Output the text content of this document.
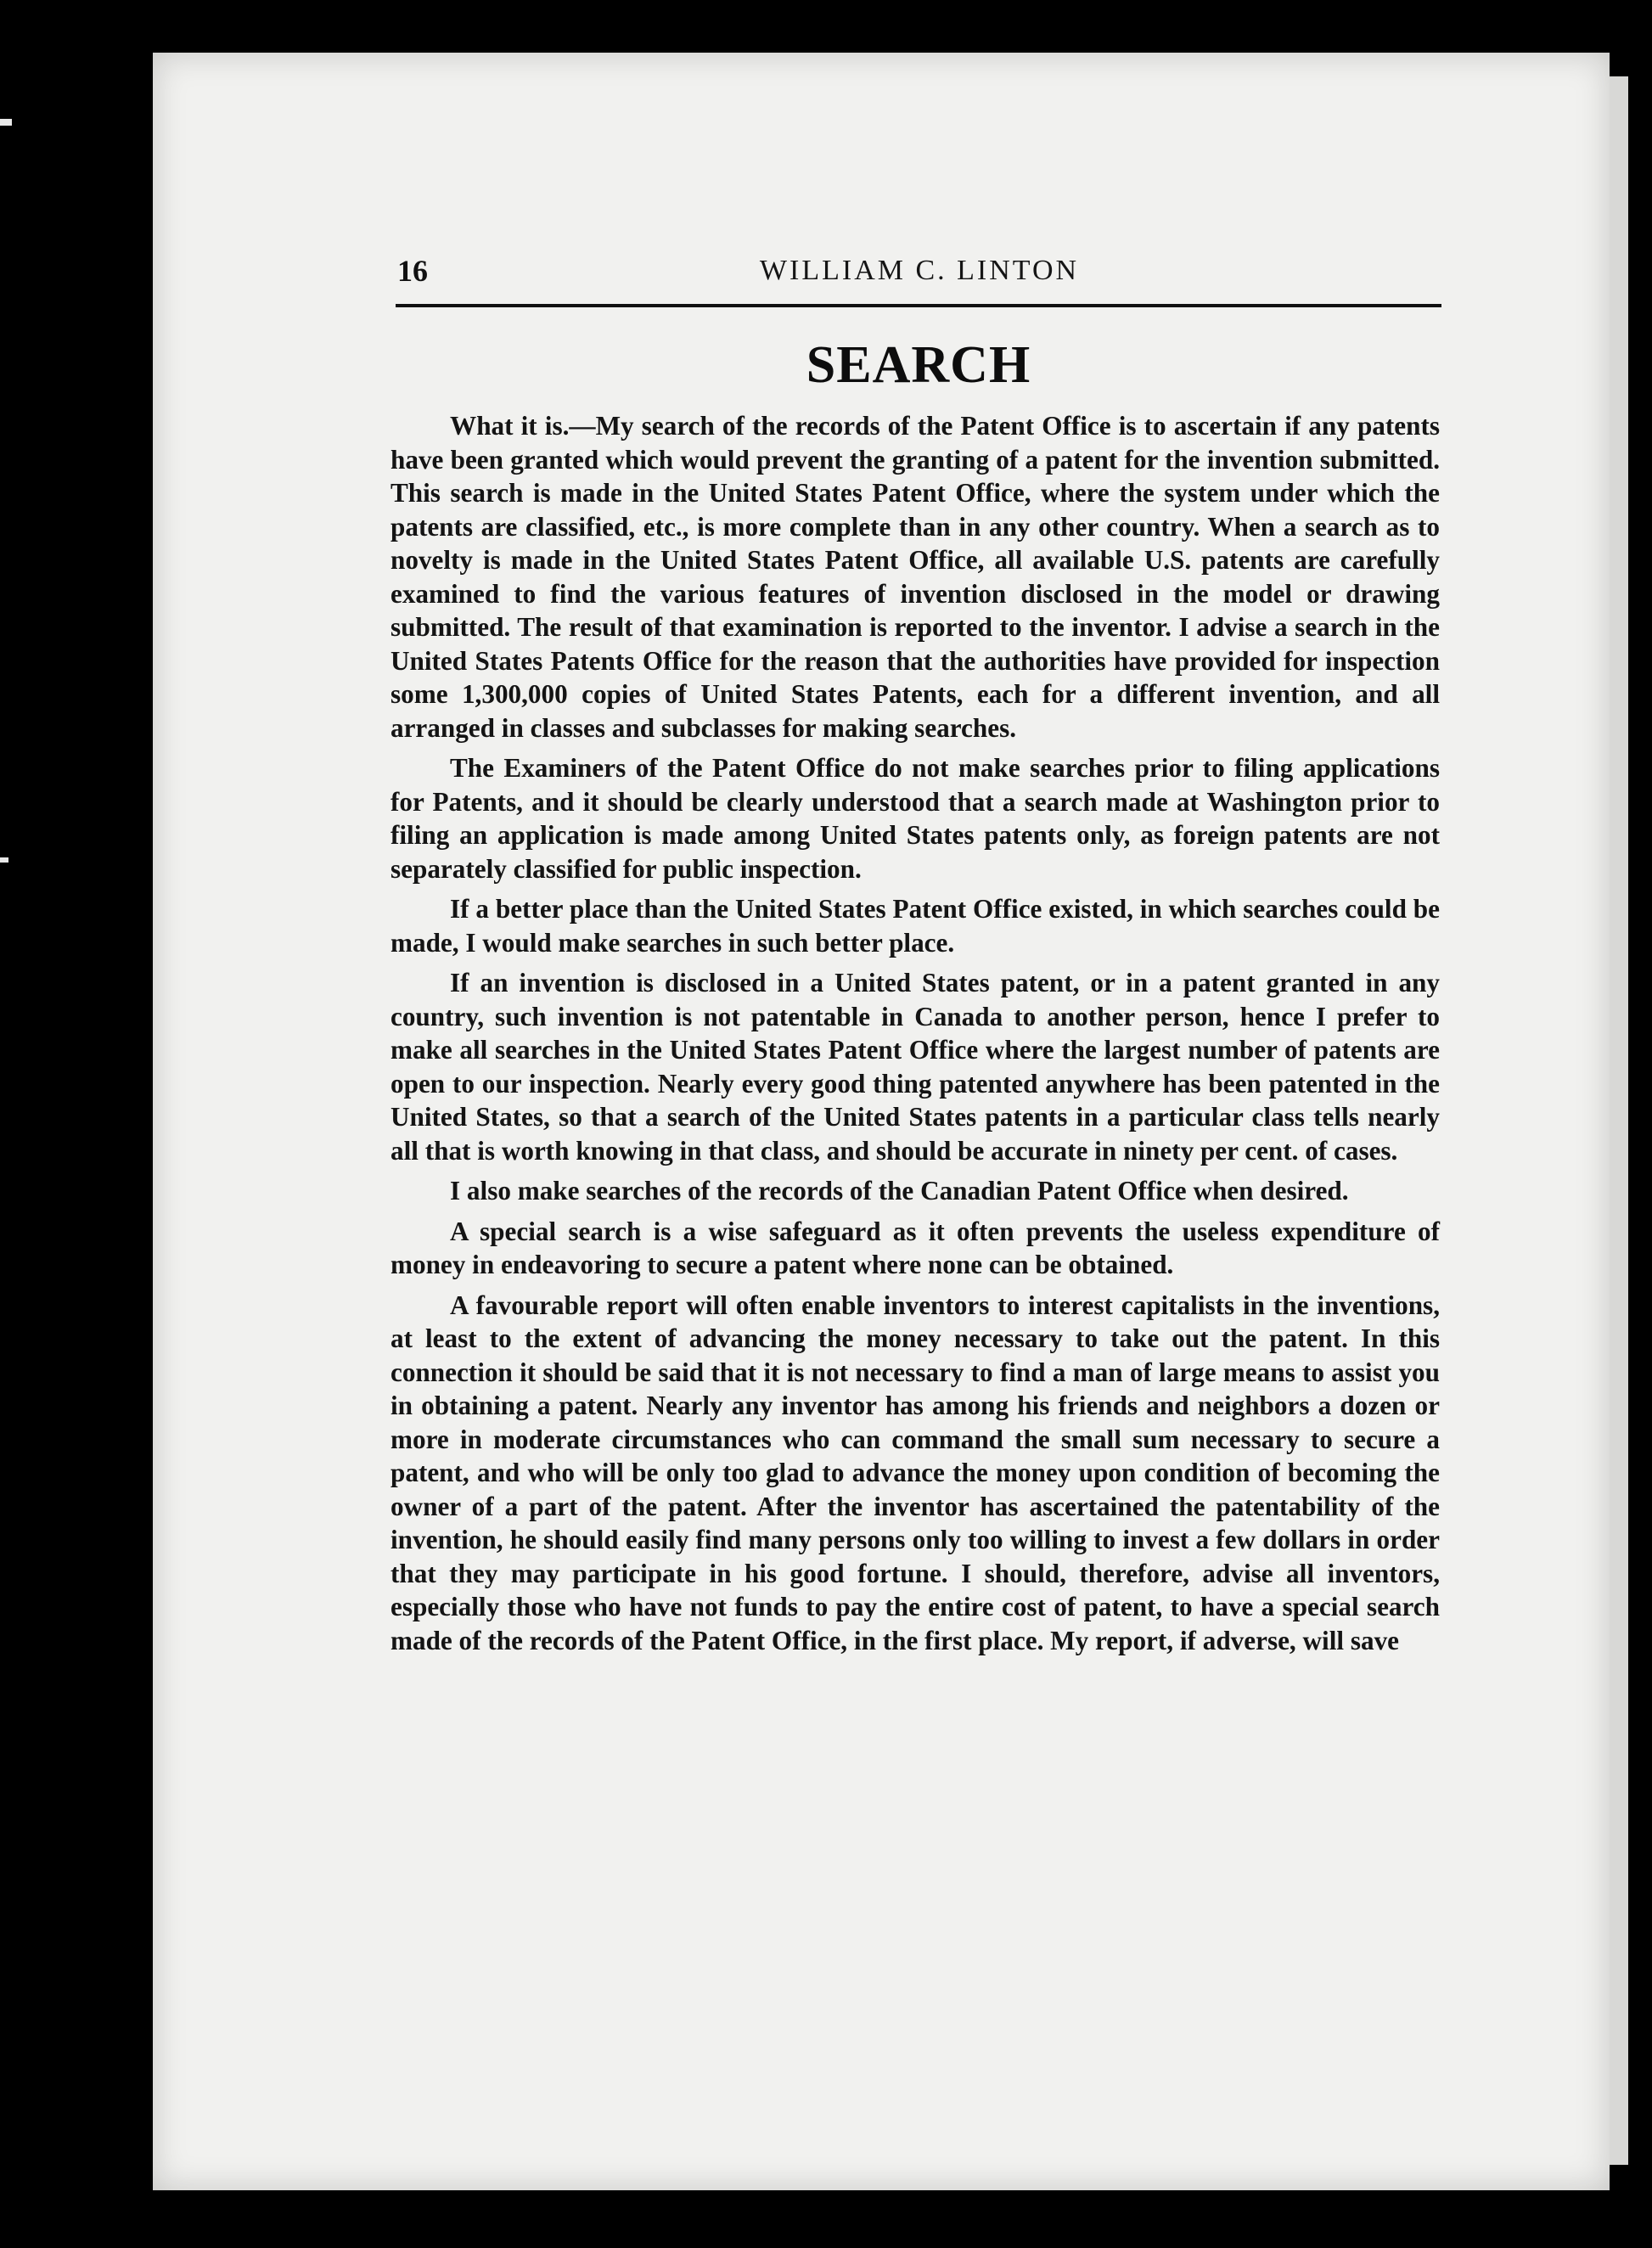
16	WILLIAM C. LINTON
SEARCH

What it is.—My search of the records of the Patent Office is to ascertain if any patents have been granted which would prevent the granting of a patent for the invention submitted. This search is made in the United States Patent Office, where the system under which the patents are classified, etc., is more complete than in any other country. When a search as to novelty is made in the United States Patent Office, all available U.S. patents are carefully examined to find the various features of invention disclosed in the model or drawing submitted. The result of that examination is reported to the inventor. I advise a search in the United States Patents Office for the reason that the authorities have provided for inspection some 1,300,000 copies of United States Patents, each for a different invention, and all arranged in classes and subclasses for making searches.

The Examiners of the Patent Office do not make searches prior to filing applications for Patents, and it should be clearly understood that a search made at Washington prior to filing an application is made among United States patents only, as foreign patents are not separately classified for public inspection.

If a better place than the United States Patent Office existed, in which searches could be made, I would make searches in such better place.

If an invention is disclosed in a United States patent, or in a patent granted in any country, such invention is not patentable in Canada to another person, hence I prefer to make all searches in the United States Patent Office where the largest number of patents are open to our inspection. Nearly every good thing patented anywhere has been patented in the United States, so that a search of the United States patents in a particular class tells nearly all that is worth knowing in that class, and should be accurate in ninety per cent. of cases.

I also make searches of the records of the Canadian Patent Office when desired.

A special search is a wise safeguard as it often prevents the useless expenditure of money in endeavoring to secure a patent where none can be obtained.

A favourable report will often enable inventors to interest capitalists in the inventions, at least to the extent of advancing the money necessary to take out the patent. In this connection it should be said that it is not necessary to find a man of large means to assist you in obtaining a patent. Nearly any inventor has among his friends and neighbors a dozen or more in moderate circumstances who can command the small sum necessary to secure a patent, and who will be only too glad to advance the money upon condition of becoming the owner of a part of the patent. After the inventor has ascertained the patentability of the invention, he should easily find many persons only too willing to invest a few dollars in order that they may participate in his good fortune. I should, therefore, advise all inventors, especially those who have not funds to pay the entire cost of patent, to have a special search made of the records of the Patent Office, in the first place. My report, if adverse, will save
